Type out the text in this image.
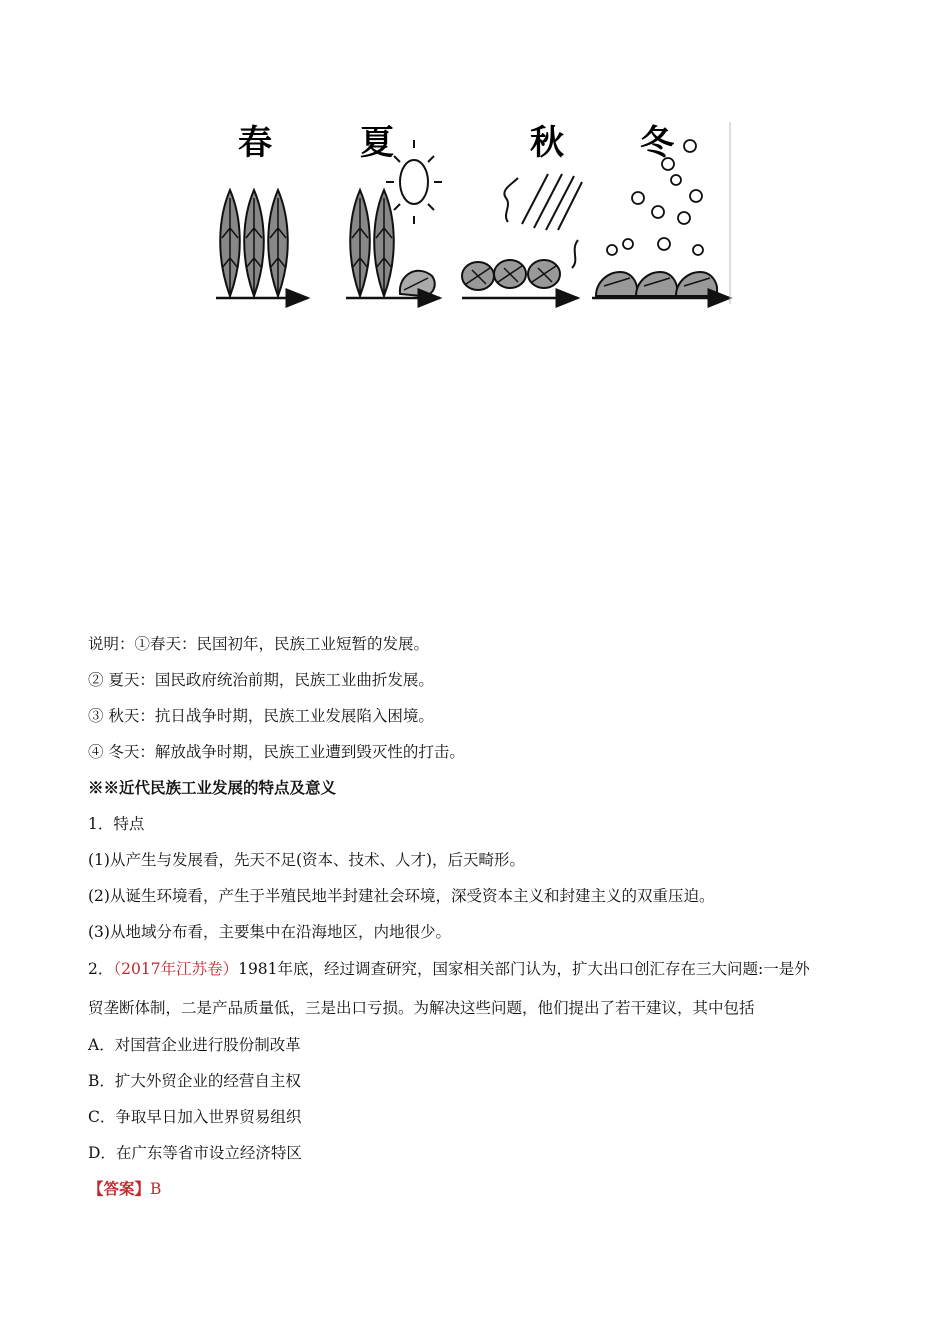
春	夏	秋 冬
说明：①春天：民国初年，民族工业短暂的发展。
② 夏天：国民政府统治前期，民族工业曲折发展。
③ 秋天：抗日战争时期，民族工业发展陷入困境。
④ 冬天：解放战争时期，民族工业遭到毁灭性的打击。
※※近代民族工业发展的特点及意义
1．特点
(1)从产生与发展看，先天不足(资本、技术、人才)，后天畸形。
(2)从诞生环境看，产生于半殖民地半封建社会环境，深受资本主义和封建主义的双重压迫。
(3)从地域分布看，主要集中在沿海地区，内地很少。
2．（2017年江苏卷）1981年底，经过调查研究，国家相关部门认为，扩大出口创汇存在三大问题:一是外
贸垄断体制，二是产品质量低，三是出口亏损。为解决这些问题，他们提出了若干建议，其中包括
A．对国营企业进行股份制改革
B．扩大外贸企业的经营自主权
C．争取早日加入世界贸易组织
D．在广东等省市设立经济特区
【答案】B
